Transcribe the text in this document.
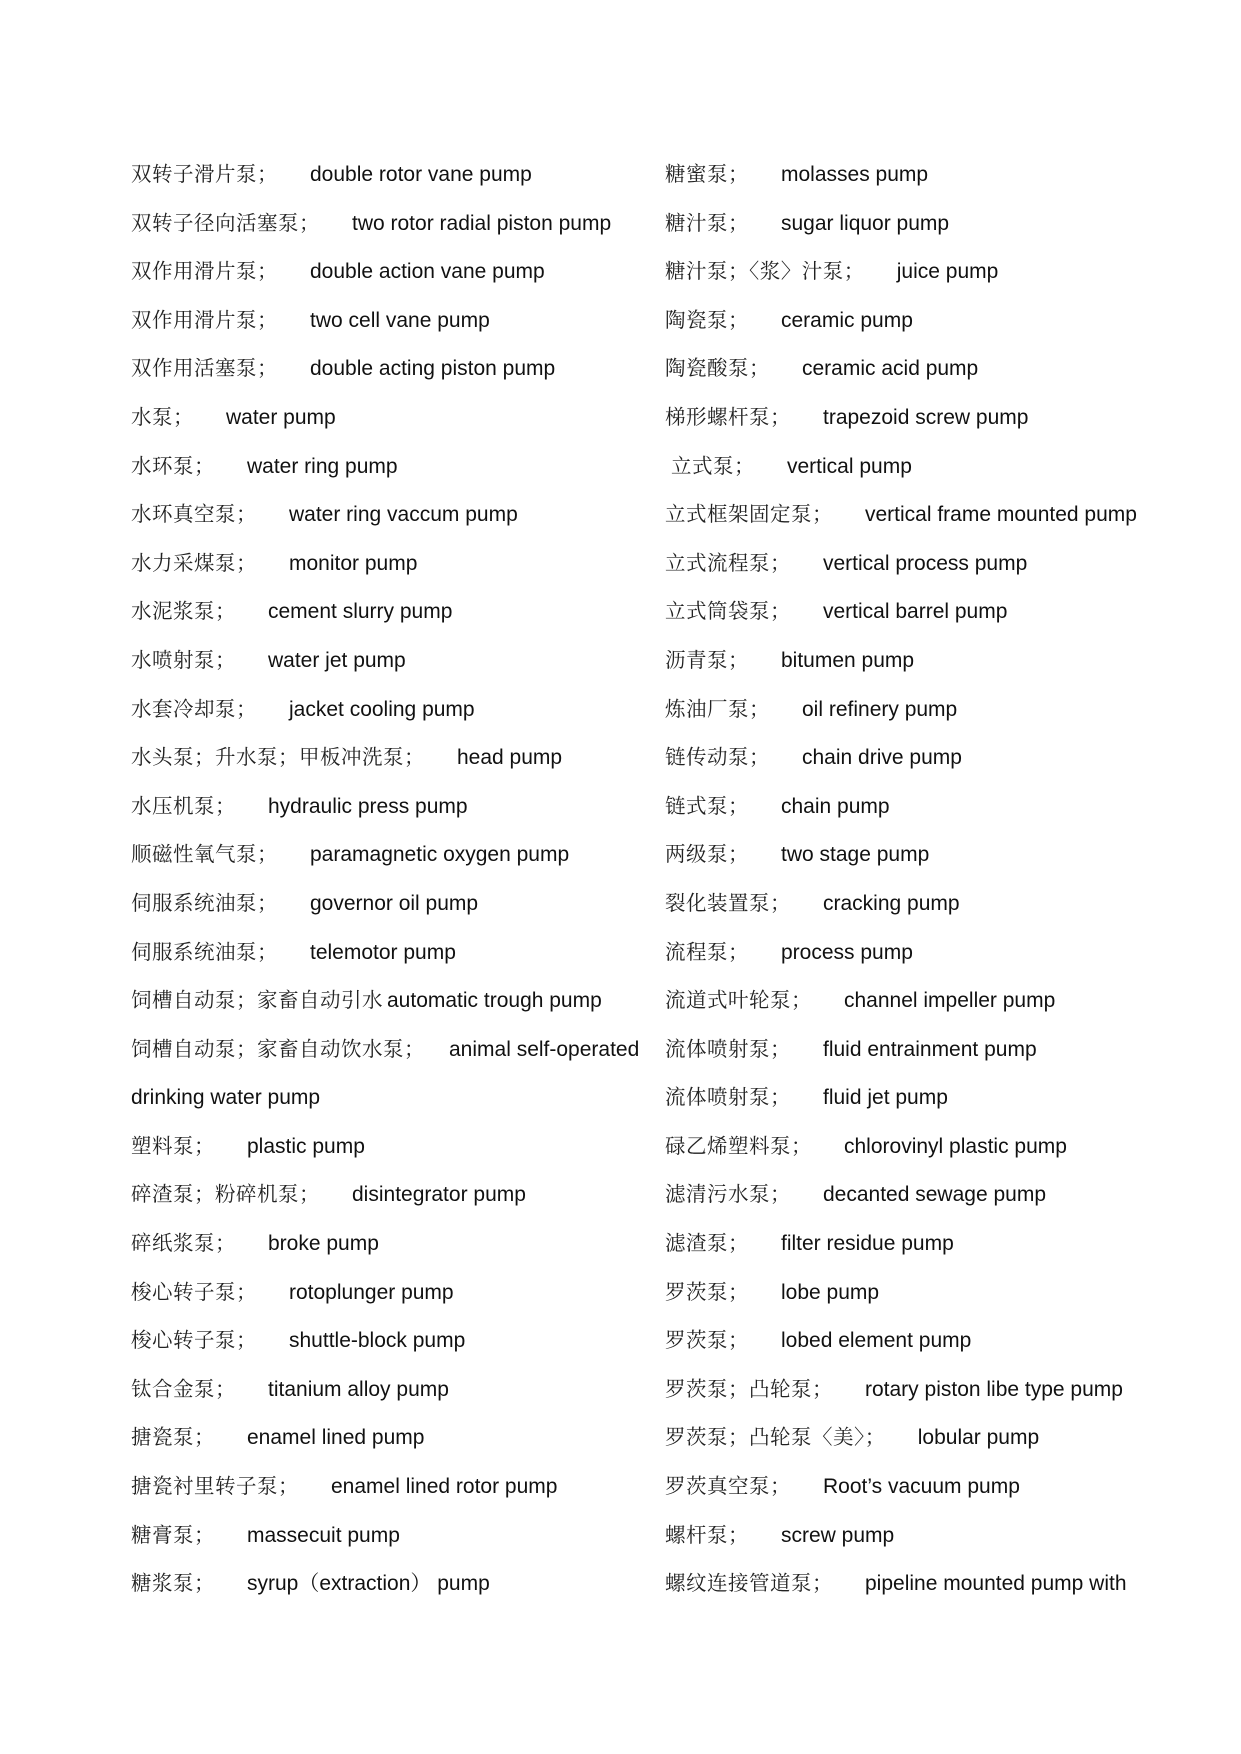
双转子滑片泵； double rotor vane pump
双转子径向活塞泵； two rotor radial piston pump
双作用滑片泵； double action vane pump
双作用滑片泵； two cell vane pump
双作用活塞泵； double acting piston pump
水泵； water pump
水环泵； water ring pump
水环真空泵； water ring vaccum pump
水力采煤泵； monitor pump
水泥浆泵； cement slurry pump
水喷射泵； water jet pump
水套冷却泵； jacket cooling pump
水头泵；升水泵；甲板冲洗泵； head pump
水压机泵； hydraulic press pump
顺磁性氧气泵； paramagnetic oxygen pump
伺服系统油泵； governor oil pump
伺服系统油泵； telemotor pump
饲槽自动泵；家畜自动引水 automatic trough pump
饲槽自动泵；家畜自动饮水泵； animal self-operated
drinking water pump
塑料泵； plastic pump
碎渣泵；粉碎机泵； disintegrator pump
碎纸浆泵； broke pump
梭心转子泵； rotoplunger pump
梭心转子泵； shuttle-block pump
钛合金泵； titanium alloy pump
搪瓷泵； enamel lined pump
搪瓷衬里转子泵； enamel lined rotor pump
糖膏泵； massecuit pump
糖浆泵； syrup（extraction） pump
糖蜜泵； molasses pump
糖汁泵； sugar liquor pump
糖汁泵；〈浆〉汁泵； juice pump
陶瓷泵； ceramic pump
陶瓷酸泵； ceramic acid pump
梯形螺杆泵； trapezoid screw pump
立式泵； vertical pump
立式框架固定泵； vertical frame mounted pump
立式流程泵； vertical process pump
立式筒袋泵； vertical barrel pump
沥青泵； bitumen pump
炼油厂泵； oil refinery pump
链传动泵； chain drive pump
链式泵； chain pump
两级泵； two stage pump
裂化装置泵； cracking pump
流程泵； process pump
流道式叶轮泵； channel impeller pump
流体喷射泵； fluid entrainment pump
流体喷射泵； fluid jet pump
碌乙烯塑料泵； chlorovinyl plastic pump
滤清污水泵； decanted sewage pump
滤渣泵； filter residue pump
罗茨泵； lobe pump
罗茨泵； lobed element pump
罗茨泵；凸轮泵； rotary piston libe type pump
罗茨泵；凸轮泵〈美〉； lobular pump
罗茨真空泵； Root’s vacuum pump
螺杆泵； screw pump
螺纹连接管道泵； pipeline mounted pump with
